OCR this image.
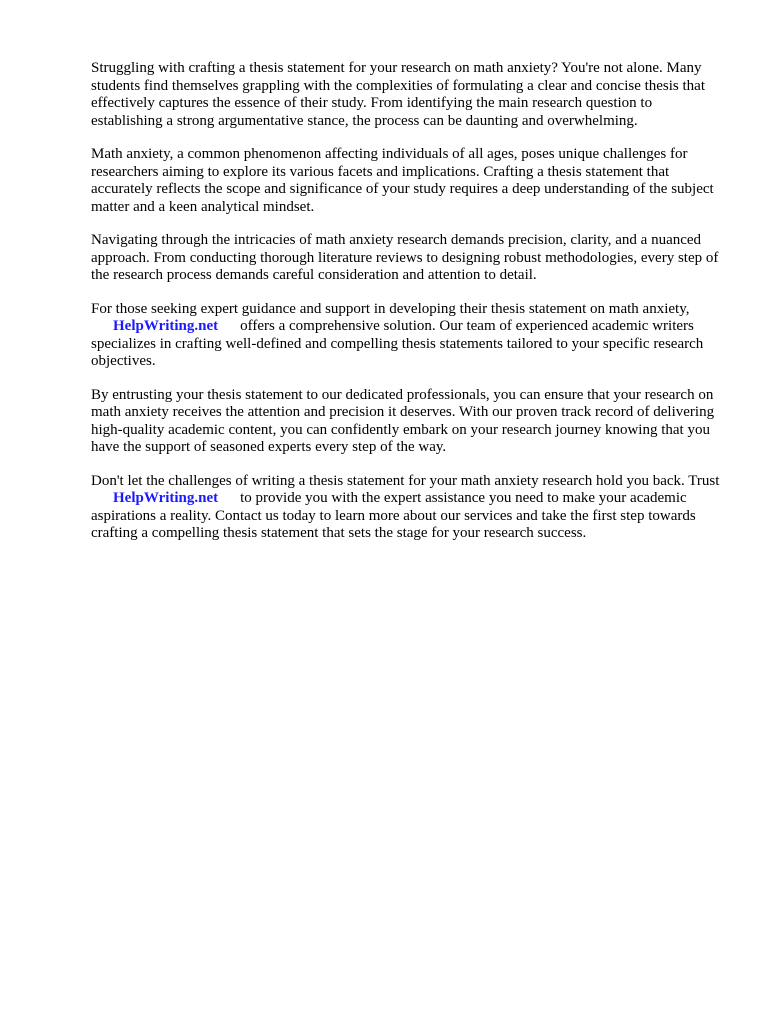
Struggling with crafting a thesis statement for your research on math anxiety? You're not alone. Many students find themselves grappling with the complexities of formulating a clear and concise thesis that effectively captures the essence of their study. From identifying the main research question to establishing a strong argumentative stance, the process can be daunting and overwhelming.

Math anxiety, a common phenomenon affecting individuals of all ages, poses unique challenges for researchers aiming to explore its various facets and implications. Crafting a thesis statement that accurately reflects the scope and significance of your study requires a deep understanding of the subject matter and a keen analytical mindset.

Navigating through the intricacies of math anxiety research demands precision, clarity, and a nuanced approach. From conducting thorough literature reviews to designing robust methodologies, every step of the research process demands careful consideration and attention to detail.

For those seeking expert guidance and support in developing their thesis statement on math anxiety,
HelpWriting.net offers a comprehensive solution. Our team of experienced academic writers specializes in crafting well-defined and compelling thesis statements tailored to your specific research objectives.

By entrusting your thesis statement to our dedicated professionals, you can ensure that your research on math anxiety receives the attention and precision it deserves. With our proven track record of delivering high-quality academic content, you can confidently embark on your research journey knowing that you have the support of seasoned experts every step of the way.

Don't let the challenges of writing a thesis statement for your math anxiety research hold you back. Trust HelpWriting.net to provide you with the expert assistance you need to make your academic aspirations a reality. Contact us today to learn more about our services and take the first step towards crafting a compelling thesis statement that sets the stage for your research success.
